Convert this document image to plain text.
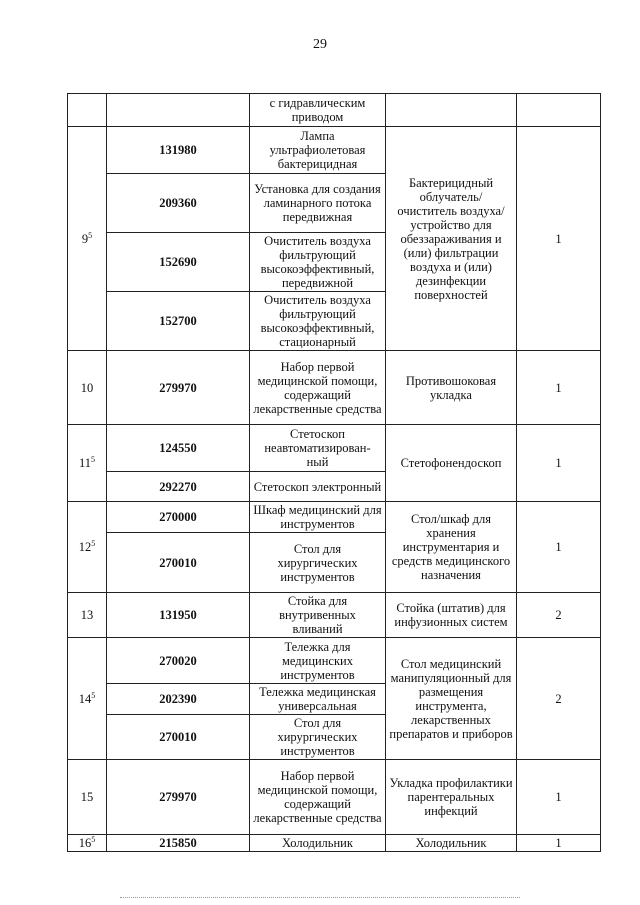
29
		с гидравлическим приводом		
$9^5$	131980	Лампа ультрафиолетовая бактерицидная	Бактерицидный облучатель/ очиститель воздуха/ устройство для обеззараживания и (или) фильтрации воздуха и (или) дезинфекции поверхностей	1
	209360	Установка для создания ламинарного потока передвижная		
	152690	Очиститель воздуха фильтрующий высокоэффективный, передвижной		
	152700	Очиститель воздуха фильтрующий высокоэффективный, стационарный		
10	279970	Набор первой медицинской помощи, содержащий лекарственные средства	Противошоковая укладка	1
$11^5$	124550	Стетоскоп неавтоматизирован- ный	Стетофонендоскоп	1
	292270	Стетоскоп электронный		
$12^5$	270000	Шкаф медицинский для инструментов	Стол/шкаф для хранения инструментария и средств медицинского назначения	1
	270010	Стол для хирургических инструментов		
13	131950	Стойка для внутривенных вливаний	Стойка (штатив) для инфузионных систем	2
$14^5$	270020	Тележка для медицинских инструментов	Стол медицинский манипуляционный для размещения инструмента, лекарственных препаратов и приборов	2
	202390	Тележка медицинская универсальная		
	270010	Стол для хирургических инструментов		
15	279970	Набор первой медицинской помощи, содержащий лекарственные средства	Укладка профилактики парентеральных инфекций	1
$16^5$	215850	Холодильник	Холодильник	1
